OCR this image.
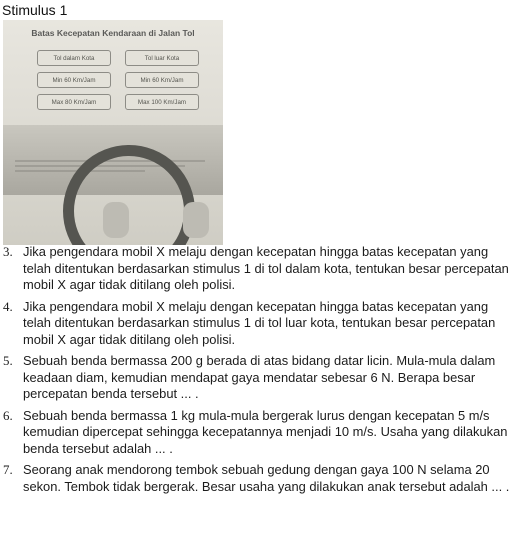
Stimulus 1
Batas Kecepatan Kendaraan di Jalan Tol
Tol dalam Kota	Tol luar Kota
Min 60 Km/Jam	Min 60 Km/Jam
Max 80 Km/Jam	Max 100 Km/Jam
3. Jika pengendara mobil X melaju dengan kecepatan hingga batas kecepatan yang telah ditentukan berdasarkan stimulus 1 di tol dalam kota, tentukan besar percepatan mobil X agar tidak ditilang oleh polisi.
4. Jika pengendara mobil X melaju dengan kecepatan hingga batas kecepatan yang telah ditentukan berdasarkan stimulus 1 di tol luar kota, tentukan besar percepatan mobil X agar tidak ditilang oleh polisi.
5. Sebuah benda bermassa 200 g berada di atas bidang datar licin. Mula-mula dalam keadaan diam, kemudian mendapat gaya mendatar sebesar 6 N. Berapa besar percepatan benda tersebut ... .
6. Sebuah benda bermassa 1 kg mula-mula bergerak lurus dengan kecepatan 5 m/s kemudian dipercepat sehingga kecepatannya menjadi 10 m/s. Usaha yang dilakukan benda tersebut adalah ... .
7. Seorang anak mendorong tembok sebuah gedung dengan gaya 100 N selama 20 sekon. Tembok tidak bergerak. Besar usaha yang dilakukan anak tersebut adalah ... .
